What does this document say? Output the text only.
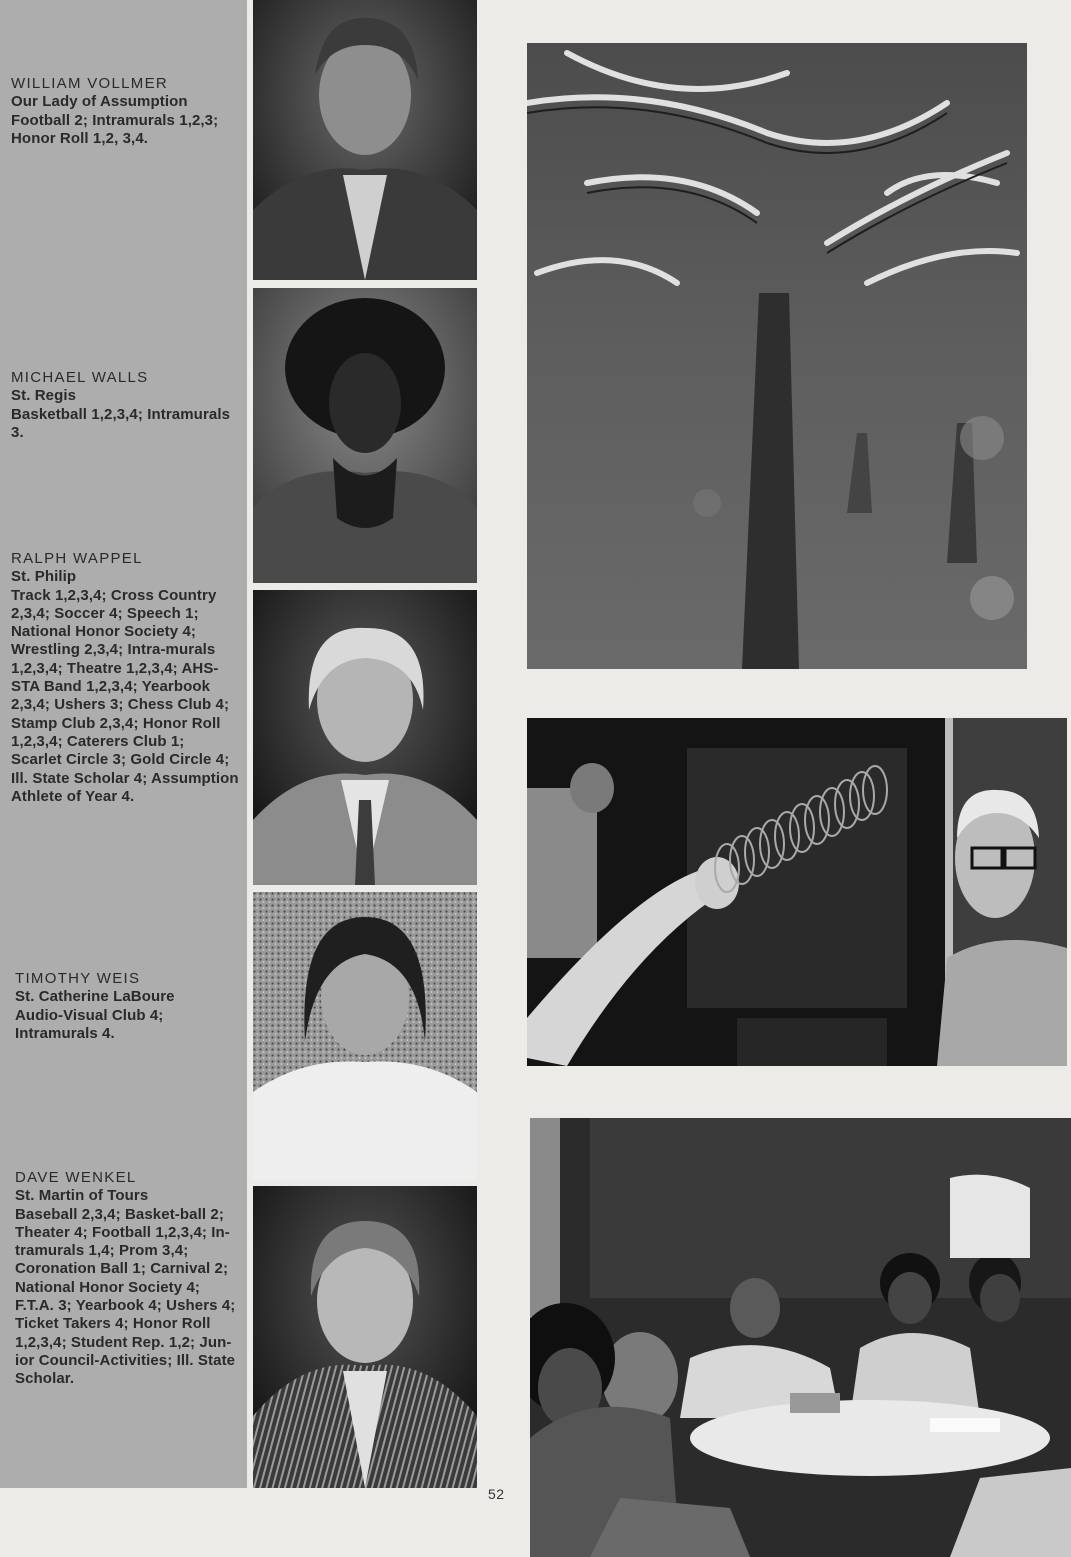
WILLIAM VOLLMER
Our Lady of Assumption
Football 2; Intramurals 1,2,3; Honor Roll 1,2, 3,4.
MICHAEL WALLS
St. Regis
Basketball 1,2,3,4; Intramurals 3.
RALPH WAPPEL
St. Philip
Track 1,2,3,4; Cross Country 2,3,4; Soccer 4; Speech 1; National Honor Society 4; Wrestling 2,3,4; Intra-murals 1,2,3,4; Theatre 1,2,3,4; AHS-STA Band 1,2,3,4; Yearbook 2,3,4; Ushers 3; Chess Club 4; Stamp Club 2,3,4; Honor Roll 1,2,3,4; Caterers Club 1; Scarlet Circle 3; Gold Circle 4; Ill. State Scholar 4; Assumption Athlete of Year 4.
TIMOTHY WEIS
St. Catherine LaBoure
Audio-Visual Club 4; Intramurals 4.
DAVE WENKEL
St. Martin of Tours
Baseball 2,3,4; Basket-ball 2; Theater 4; Football 1,2,3,4; In-tramurals 1,4; Prom 3,4; Coronation Ball 1; Carnival 2; National Honor Society 4; F.T.A. 3; Yearbook 4; Ushers 4; Ticket Takers 4; Honor Roll 1,2,3,4; Student Rep. 1,2; Jun-ior Council-Activities; Ill. State Scholar.
52
